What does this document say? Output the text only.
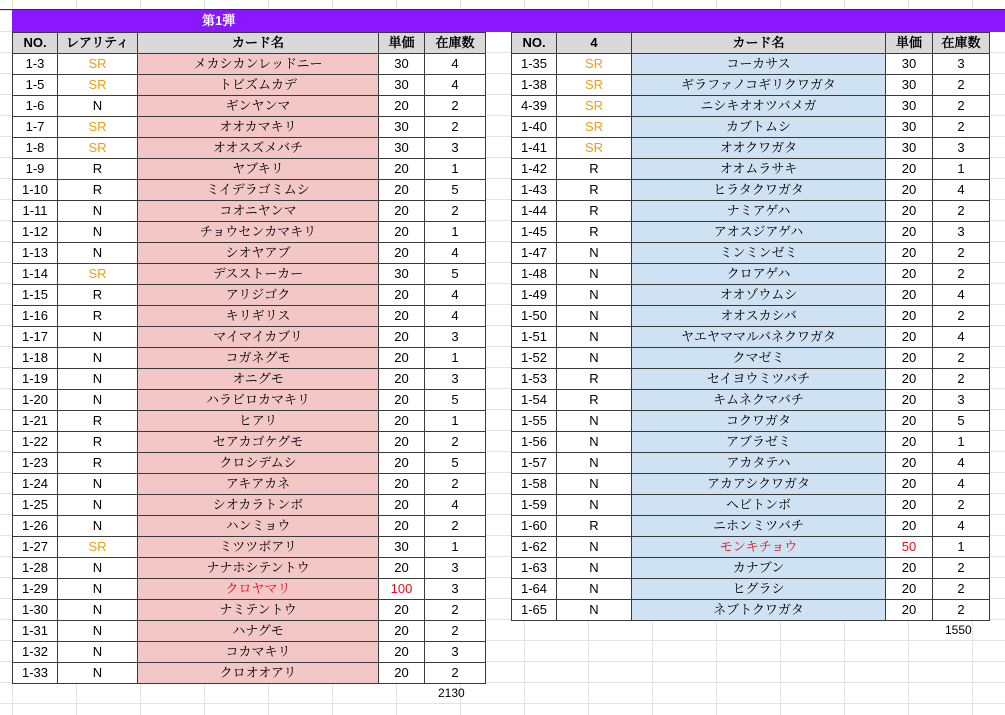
第1弾
NO.	レアリティ	カード名	単価	在庫数
1-3	SR	メカシカンレッドニー	30	4
1-5	SR	トビズムカデ	30	4
1-6	N	ギンヤンマ	20	2
1-7	SR	オオカマキリ	30	2
1-8	SR	オオスズメバチ	30	3
1-9	R	ヤブキリ	20	1
1-10	R	ミイデラゴミムシ	20	5
1-11	N	コオニヤンマ	20	2
1-12	N	チョウセンカマキリ	20	1
1-13	N	シオヤアブ	20	4
1-14	SR	デスストーカー	30	5
1-15	R	アリジゴク	20	4
1-16	R	キリギリス	20	4
1-17	N	マイマイカブリ	20	3
1-18	N	コガネグモ	20	1
1-19	N	オニグモ	20	3
1-20	N	ハラビロカマキリ	20	5
1-21	R	ヒアリ	20	1
1-22	R	セアカゴケグモ	20	2
1-23	R	クロシデムシ	20	5
1-24	N	アキアカネ	20	2
1-25	N	シオカラトンボ	20	4
1-26	N	ハンミョウ	20	2
1-27	SR	ミツツボアリ	30	1
1-28	N	ナナホシテントウ	20	3
1-29	N	クロヤマリ	100	3
1-30	N	ナミテントウ	20	2
1-31	N	ハナグモ	20	2
1-32	N	コカマキリ	20	3
1-33	N	クロオオアリ	20	2
2130
NO.	4	カード名	単価	在庫数
1-35	SR	コーカサス	30	3
1-38	SR	ギラファノコギリクワガタ	30	2
4-39	SR	ニシキオオツバメガ	30	2
1-40	SR	カブトムシ	30	2
1-41	SR	オオクワガタ	30	3
1-42	R	オオムラサキ	20	1
1-43	R	ヒラタクワガタ	20	4
1-44	R	ナミアゲハ	20	2
1-45	R	アオスジアゲハ	20	3
1-47	N	ミンミンゼミ	20	2
1-48	N	クロアゲハ	20	2
1-49	N	オオゾウムシ	20	4
1-50	N	オオスカシバ	20	2
1-51	N	ヤエヤママルバネクワガタ	20	4
1-52	N	クマゼミ	20	2
1-53	R	セイヨウミツバチ	20	2
1-54	R	キムネクマバチ	20	3
1-55	N	コクワガタ	20	5
1-56	N	アブラゼミ	20	1
1-57	N	アカタテハ	20	4
1-58	N	アカアシクワガタ	20	4
1-59	N	ヘビトンボ	20	2
1-60	R	ニホンミツバチ	20	4
1-62	N	モンキチョウ	50	1
1-63	N	カナブン	20	2
1-64	N	ヒグラシ	20	2
1-65	N	ネブトクワガタ	20	2
1550
